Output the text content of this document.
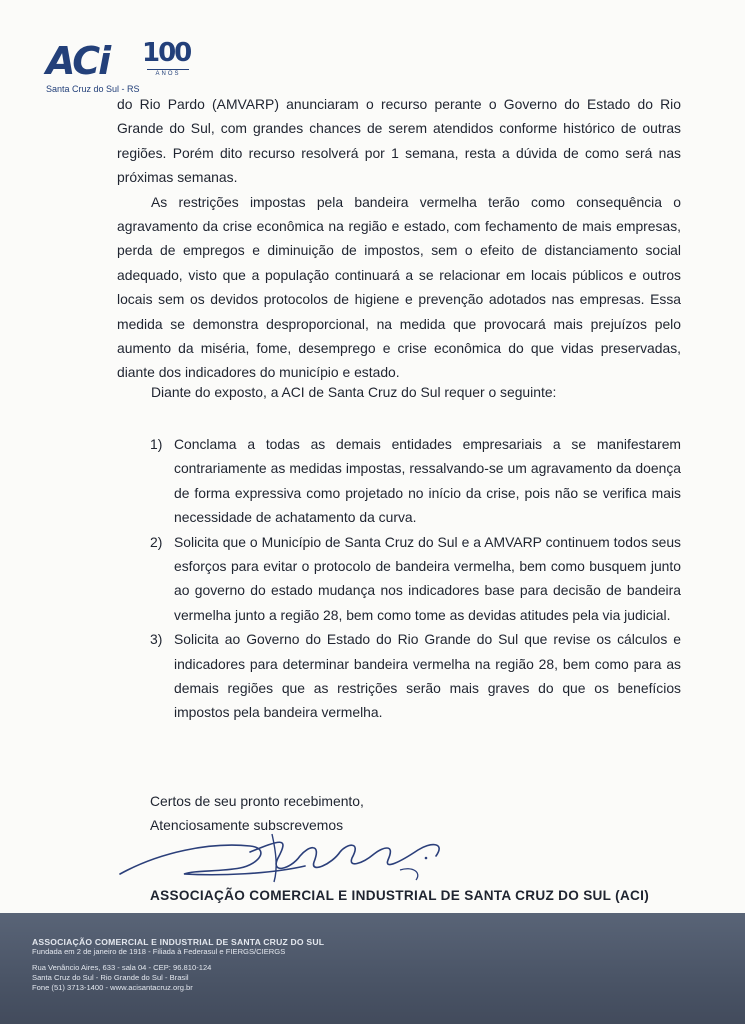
ACi 100
ANOS
Santa Cruz do Sul - RS

do Rio Pardo (AMVARP) anunciaram o recurso perante o Governo do Estado do Rio Grande do Sul, com grandes chances de serem atendidos conforme histórico de outras regiões. Porém dito recurso resolverá por 1 semana, resta a dúvida de como será nas próximas semanas.

As restrições impostas pela bandeira vermelha terão como consequência o agravamento da crise econômica na região e estado, com fechamento de mais empresas, perda de empregos e diminuição de impostos, sem o efeito de distanciamento social adequado, visto que a população continuará a se relacionar em locais públicos e outros locais sem os devidos protocolos de higiene e prevenção adotados nas empresas. Essa medida se demonstra desproporcional, na medida que provocará mais prejuízos pelo aumento da miséria, fome, desemprego e crise econômica do que vidas preservadas, diante dos indicadores do município e estado.

Diante do exposto, a ACI de Santa Cruz do Sul requer o seguinte:
1) Conclama a todas as demais entidades empresariais a se manifestarem contrariamente as medidas impostas, ressalvando-se um agravamento da doença de forma expressiva como projetado no início da crise, pois não se verifica mais necessidade de achatamento da curva.
2) Solicita que o Município de Santa Cruz do Sul e a AMVARP continuem todos seus esforços para evitar o protocolo de bandeira vermelha, bem como busquem junto ao governo do estado mudança nos indicadores base para decisão de bandeira vermelha junto a região 28, bem como tome as devidas atitudes pela via judicial.
3) Solicita ao Governo do Estado do Rio Grande do Sul que revise os cálculos e indicadores para determinar bandeira vermelha na região 28, bem como para as demais regiões que as restrições serão mais graves do que os benefícios impostos pela bandeira vermelha.
Certos de seu pronto recebimento,
Atenciosamente subscrevemos
ASSOCIAÇÃO COMERCIAL E INDUSTRIAL DE SANTA CRUZ DO SUL (ACI)
ASSOCIAÇÃO COMERCIAL E INDUSTRIAL DE SANTA CRUZ DO SUL
Fundada em 2 de janeiro de 1918 - Filiada à Federasul e FIERGS/CIERGS
Rua Venâncio Aires, 633 - sala 04 - CEP: 96.810-124
Santa Cruz do Sul - Rio Grande do Sul - Brasil
Fone (51) 3713-1400 - www.acisantacruz.org.br
